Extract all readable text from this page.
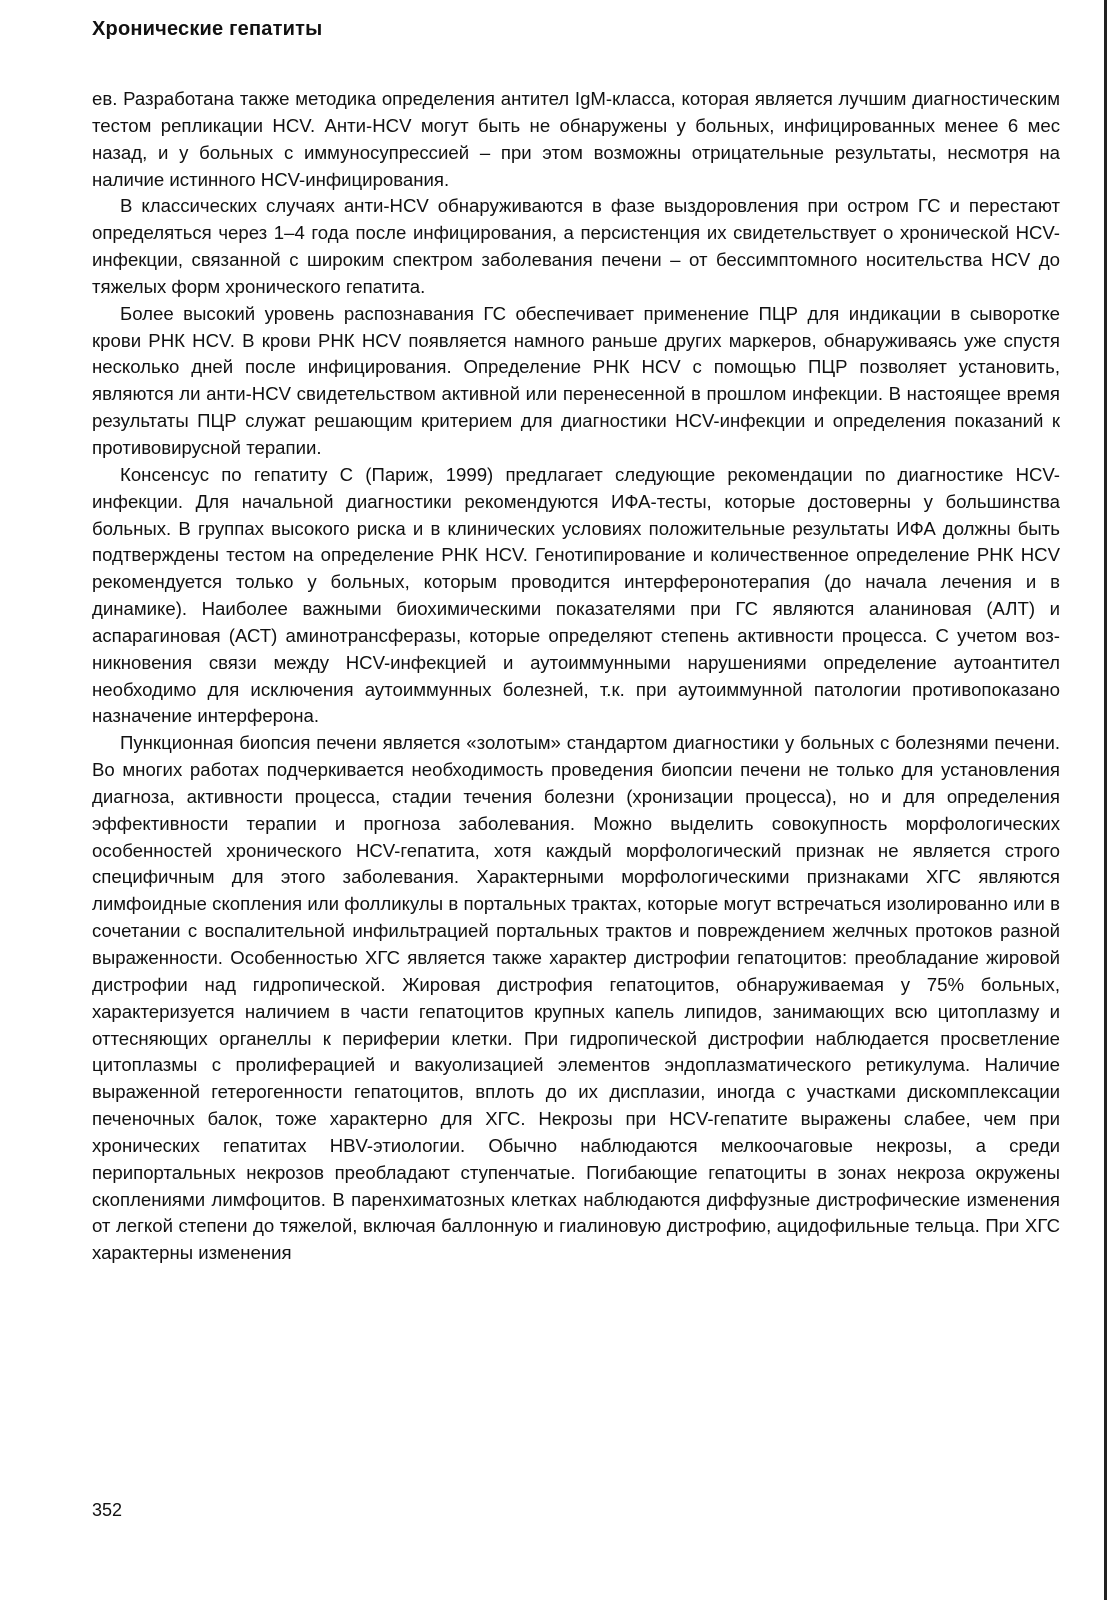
Хронические гепатиты

ев. Разработана также методика определения антител IgM-класса, которая является лучшим диагностическим тестом репликации HCV. Анти-HCV могут быть не обнаружены у больных, инфицированных менее 6 мес назад, и у больных с иммуносупрессией – при этом возможны отрицательные результаты, несмотря на наличие истинного HCV-инфицирования.

В классических случаях анти-HCV обнаруживаются в фазе выздоровления при остром ГС и перестают определяться через 1–4 года после инфицирования, а персистенция их свидетельствует о хронической HCV-инфекции, связанной с широким спектром заболевания печени – от бессимптомного носительства HCV до тяжелых форм хронического гепатита.

Более высокий уровень распознавания ГС обеспечивает применение ПЦР для индикации в сыворотке крови РНК HCV. В крови РНК HCV появляется намного раньше других маркеров, обнаруживаясь уже спустя несколько дней после инфицирования. Определение РНК HCV с помощью ПЦР позволяет установить, являются ли анти-HCV свидетельством активной или перенесенной в прошлом инфекции. В настоящее время результаты ПЦР служат решающим критерием для диагностики HCV-инфекции и определения показаний к противовирусной терапии.

Консенсус по гепатиту С (Париж, 1999) предлагает следующие рекомендации по диагностике HCV-инфекции. Для начальной диагностики рекомендуются ИФА-тесты, которые достоверны у большинства больных. В группах высокого риска и в клинических условиях положительные результаты ИФА должны быть подтверждены тестом на определение РНК HCV. Генотипирование и количественное определение РНК HCV рекомендуется только у больных, которым проводится интерферонотерапия (до начала лечения и в динамике). Наиболее важными биохимическими показателями при ГС являются аланиновая (АЛТ) и аспарагиновая (АСТ) аминотрансферазы, которые определяют степень активности процесса. С учетом возникновения связи между HCV-инфекцией и аутоиммунными нарушениями определение аутоантител необходимо для исключения аутоиммунных болезней, т.к. при аутоиммунной патологии противопоказано назначение интерферона.

Пункционная биопсия печени является «золотым» стандартом диагностики у больных с болезнями печени. Во многих работах подчеркивается необходимость проведения биопсии печени не только для установления диагноза, активности процесса, стадии течения болезни (хронизации процесса), но и для определения эффективности терапии и прогноза заболевания. Можно выделить совокупность морфологических особенностей хронического HCV-гепатита, хотя каждый морфологический признак не является строго специфичным для этого заболевания. Характерными морфологическими признаками ХГС являются лимфоидные скопления или фолликулы в портальных трактах, которые могут встречаться изолированно или в сочетании с воспалительной инфильтрацией портальных трактов и повреждением желчных протоков разной выраженности. Особенностью ХГС является также характер дистрофии гепатоцитов: преобладание жировой дистрофии над гидропической. Жировая дистрофия гепатоцитов, обнаруживаемая у 75% больных, характеризуется наличием в части гепатоцитов крупных капель липидов, занимающих всю цитоплазму и оттесняющих органеллы к периферии клетки. При гидропической дистрофии наблюдается просветление цитоплазмы с пролиферацией и вакуолизацией элементов эндоплазматического ретикулума. Наличие выраженной гетерогенности гепатоцитов, вплоть до их дисплазии, иногда с участками дискомплексации печеночных балок, тоже характерно для ХГС. Некрозы при HCV-гепатите выражены слабее, чем при хронических гепатитах HBV-этиологии. Обычно наблюдаются мелкоочаговые некрозы, а среди перипортальных некрозов преобладают ступенчатые. Погибающие гепатоциты в зонах некроза окружены скоплениями лимфоцитов. В паренхиматозных клетках наблюдаются диффузные дистрофические изменения от легкой степени до тяжелой, включая баллонную и гиалиновую дистрофию, ацидофильные тельца. При ХГС характерны изменения

352
